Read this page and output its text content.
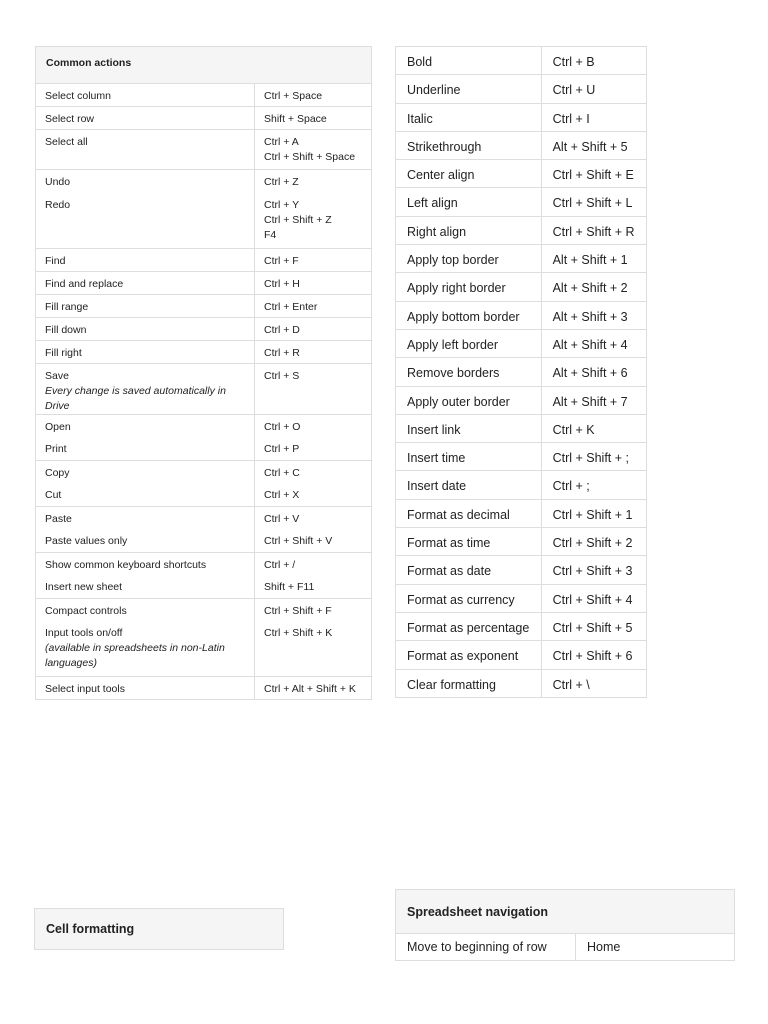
Common actions	
Select column	Ctrl + Space
Select row	Shift + Space
Select all	Ctrl + A
Ctrl + Shift + Space
Undo	Ctrl + Z
Redo	Ctrl + Y
Ctrl + Shift + Z
F4
Find	Ctrl + F
Find and replace	Ctrl + H
Fill range	Ctrl + Enter
Fill down	Ctrl + D
Fill right	Ctrl + R
Save
Every change is saved automatically in Drive	Ctrl + S
Open	Ctrl + O
Print	Ctrl + P
Copy	Ctrl + C
Cut	Ctrl + X
Paste	Ctrl + V
Paste values only	Ctrl + Shift + V
Show common keyboard shortcuts	Ctrl + /
Insert new sheet	Shift + F11
Compact controls	Ctrl + Shift + F
Input tools on/off
(available in spreadsheets in non-Latin languages)	Ctrl + Shift + K
Select input tools	Ctrl + Alt + Shift + K
Bold	Ctrl + B
Underline	Ctrl + U
Italic	Ctrl + I
Strikethrough	Alt + Shift + 5
Center align	Ctrl + Shift + E
Left align	Ctrl + Shift + L
Right align	Ctrl + Shift + R
Apply top border	Alt + Shift + 1
Apply right border	Alt + Shift + 2
Apply bottom border	Alt + Shift + 3
Apply left border	Alt + Shift + 4
Remove borders	Alt + Shift + 6
Apply outer border	Alt + Shift + 7
Insert link	Ctrl + K
Insert time	Ctrl + Shift + ;
Insert date	Ctrl + ;
Format as decimal	Ctrl + Shift + 1
Format as time	Ctrl + Shift + 2
Format as date	Ctrl + Shift + 3
Format as currency	Ctrl + Shift + 4
Format as percentage	Ctrl + Shift + 5
Format as exponent	Ctrl + Shift + 6
Clear formatting	Ctrl + \
Cell formatting
Spreadsheet navigation
Move to beginning of row	Home
